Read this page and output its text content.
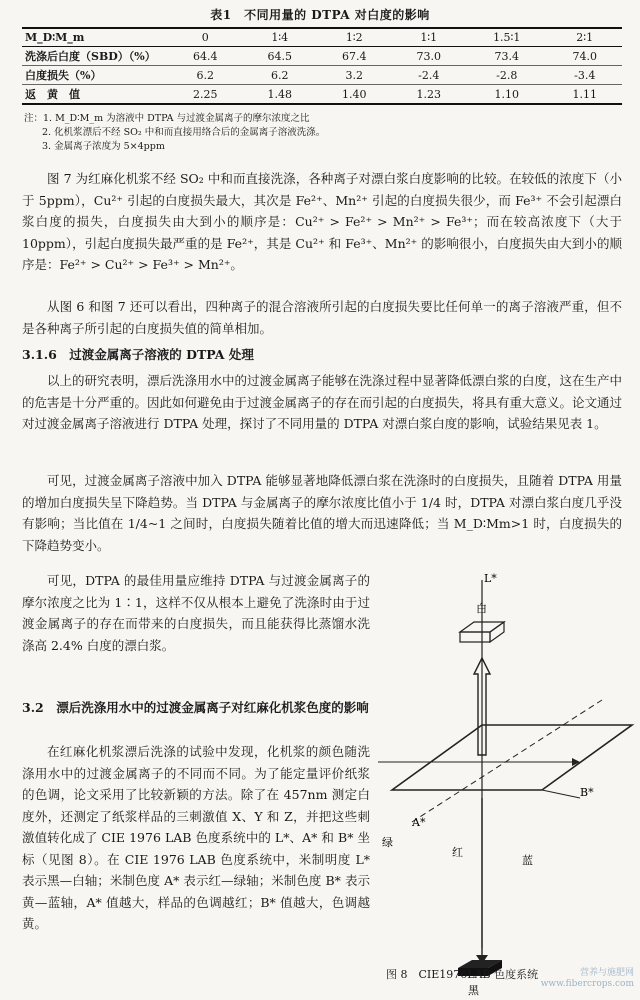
表1　不同用量的 DTPA 对白度的影响
M_D∶M_m	0	1∶4	1∶2	1∶1	1.5∶1	2∶1
洗涤后白度（SBD）（%）	64.4	64.5	67.4	73.0	73.4	74.0
白度损失（%）	6.2	6.2	3.2	-2.4	-2.8	-3.4
返　黄　值	2.25	1.48	1.40	1.23	1.10	1.11
注：1. M_D∶M_m 为溶液中 DTPA 与过渡金属离子的摩尔浓度之比
2. 化机浆漂后不经 SO₂ 中和而直接用络合后的金属离子溶液洗涤。
3. 金属离子浓度为 5×4ppm
图 7 为红麻化机浆不经 SO₂ 中和而直接洗涤，各种离子对漂白浆白度影响的比较。在较低的浓度下（小于 5ppm），Cu²⁺ 引起的白度损失最大，其次是 Fe²⁺、Mn²⁺ 引起的白度损失很少，而 Fe³⁺ 不会引起漂白浆白度的损失，白度损失由大到小的顺序是：Cu²⁺ > Fe²⁺ > Mn²⁺ > Fe³⁺；而在较高浓度下（大于 10ppm），引起白度损失最严重的是 Fe²⁺，其是 Cu²⁺ 和 Fe³⁺、Mn²⁺ 的影响很小，白度损失由大到小的顺序是：Fe²⁺ > Cu²⁺ > Fe³⁺ > Mn²⁺。
从图 6 和图 7 还可以看出，四种离子的混合溶液所引起的白度损失要比任何单一的离子溶液严重，但不是各种离子所引起的白度损失值的简单相加。
3.1.6　过渡金属离子溶液的 DTPA 处理
以上的研究表明，漂后洗涤用水中的过渡金属离子能够在洗涤过程中显著降低漂白浆的白度，这在生产中的危害是十分严重的。因此如何避免由于过渡金属离子的存在而引起的白度损失，将具有重大意义。论文通过对过渡金属离子溶液进行 DTPA 处理，探讨了不同用量的 DTPA 对漂白浆白度的影响，试验结果见表 1。
可见，过渡金属离子溶液中加入 DTPA 能够显著地降低漂白浆在洗涤时的白度损失，且随着 DTPA 用量的增加白度损失呈下降趋势。当 DTPA 与金属离子的摩尔浓度比值小于 1/4 时，DTPA 对漂白浆白度几乎没有影响；当比值在 1/4~1 之间时，白度损失随着比值的增大而迅速降低；当 M_D∶Mm>1 时，白度损失的下降趋势变小。
可见，DTPA 的最佳用量应维持 DTPA 与过渡金属离子的摩尔浓度之比为 1∶1，这样不仅从根本上避免了洗涤时由于过渡金属离子的存在而带来的白度损失，而且能获得比蒸馏水洗涤高 2.4% 白度的漂白浆。
3.2　漂后洗涤用水中的过渡金属离子对红麻化机浆色度的影响
在红麻化机浆漂后洗涤的试验中发现，化机浆的颜色随洗涤用水中的过渡金属离子的不同而不同。为了能定量评价纸浆的色调，论文采用了比较新颖的方法。除了在 457nm 测定白度外，还测定了纸浆样品的三刺激值 X、Y 和 Z，并把这些刺激值转化成了 CIE 1976 LAB 色度系统中的 L*、A* 和 B* 坐标（见图 8）。在 CIE 1976 LAB 色度系统中，米制明度 L* 表示黑—白轴；米制色度 A* 表示红—绿轴；米制色度 B* 表示黄—蓝轴，A* 值越大，样品的色调越红；B* 值越大，色调越黄。
L*
白
黑
A*
B*
绿
红
蓝
图 8　CIE1976LAB 色度系统	营养与施肥网
www.fibercrops.com
